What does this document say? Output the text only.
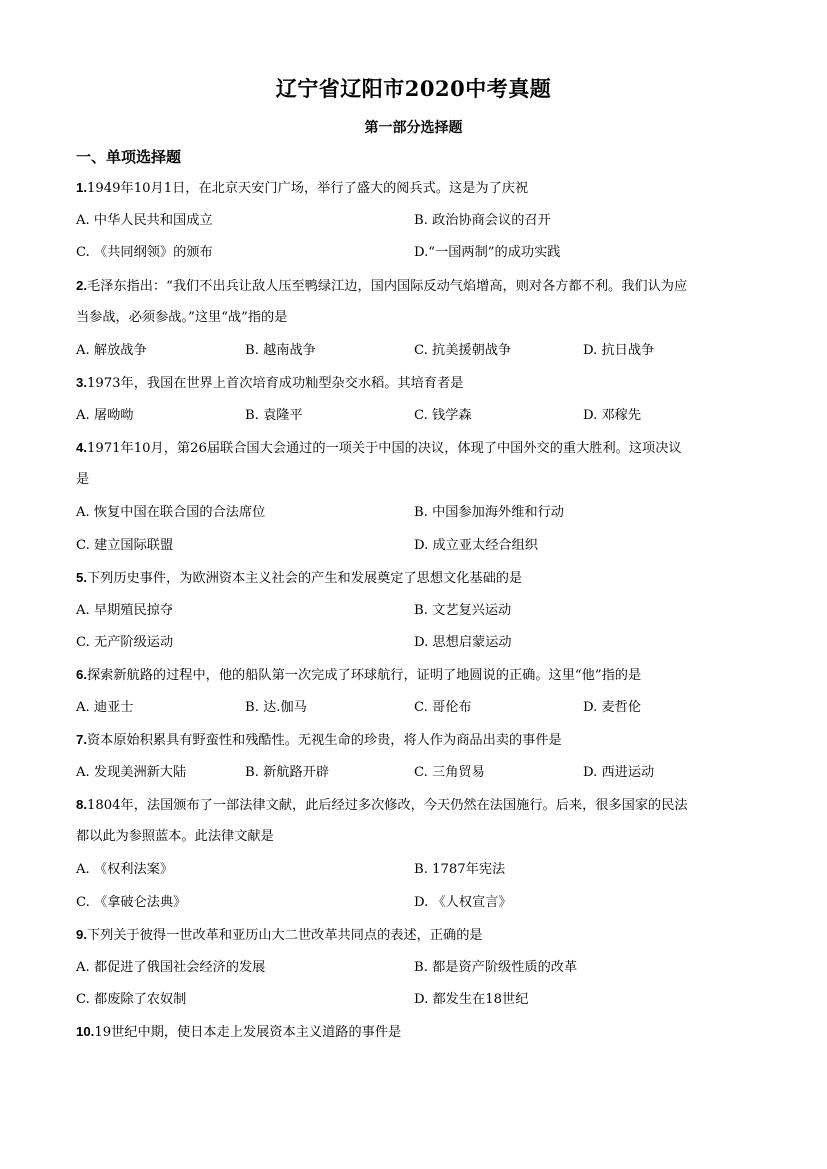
辽宁省辽阳市2020中考真题
第一部分选择题
一、单项选择题
1.1949年10月1日，在北京天安门广场，举行了盛大的阅兵式。这是为了庆祝
A. 中华人民共和国成立	B. 政治协商会议的召开
C. 《共同纲领》的颁布	D.“一国两制”的成功实践
2.毛泽东指出：“我们不出兵让敌人压至鸭绿江边，国内国际反动气焰增高，则对各方都不利。我们认为应
当参战，必须参战。”这里“战”指的是
A. 解放战争	B. 越南战争	C. 抗美援朝战争	D. 抗日战争
3.1973年，我国在世界上首次培育成功籼型杂交水稻。其培育者是
A. 屠呦呦	B. 袁隆平	C. 钱学森	D. 邓稼先
4.1971年10月，第26届联合国大会通过的一项关于中国的决议，体现了中国外交的重大胜利。这项决议
是
A. 恢复中国在联合国的合法席位	B. 中国参加海外维和行动
C. 建立国际联盟	D. 成立亚太经合组织
5.下列历史事件，为欧洲资本主义社会的产生和发展奠定了思想文化基础的是
A. 早期殖民掠夺	B. 文艺复兴运动
C. 无产阶级运动	D. 思想启蒙运动
6.探索新航路的过程中，他的船队第一次完成了环球航行，证明了地圆说的正确。这里“他”指的是
A. 迪亚士	B. 达.伽马	C. 哥伦布	D. 麦哲伦
7.资本原始积累具有野蛮性和残酷性。无视生命的珍贵，将人作为商品出卖的事件是
A. 发现美洲新大陆	B. 新航路开辟	C. 三角贸易	D. 西进运动
8.1804年，法国颁布了一部法律文献，此后经过多次修改，今天仍然在法国施行。后来，很多国家的民法
都以此为参照蓝本。此法律文献是
A. 《权利法案》	B. 1787年宪法
C. 《拿破仑法典》	D. 《人权宣言》
9.下列关于彼得一世改革和亚历山大二世改革共同点的表述，正确的是
A. 都促进了俄国社会经济的发展	B. 都是资产阶级性质的改革
C. 都废除了农奴制	D. 都发生在18世纪
10.19世纪中期，使日本走上发展资本主义道路的事件是
